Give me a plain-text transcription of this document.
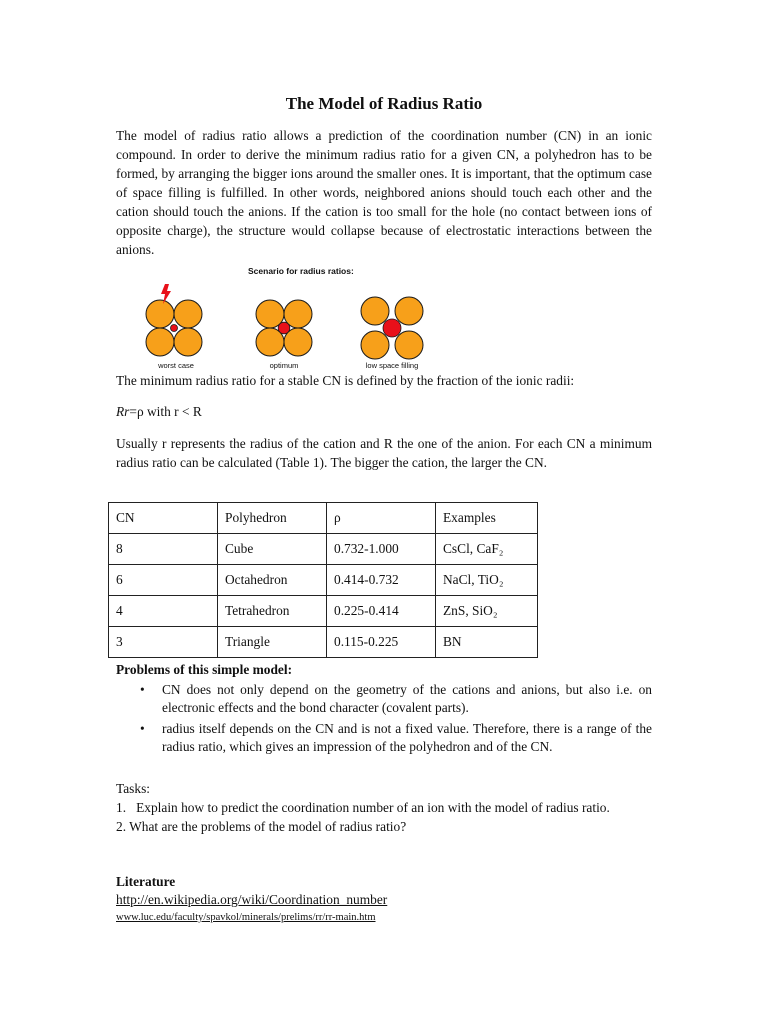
The Model of Radius Ratio

The model of radius ratio allows a prediction of the coordination number (CN) in an ionic compound. In order to derive the minimum radius ratio for a given CN, a polyhedron has to be formed, by arranging the bigger ions around the smaller ones. It is important, that the optimum case of space filling is fulfilled. In other words, neighbored anions should touch each other and the cation should touch the anions. If the cation is too small for the hole (no contact between ions of opposite charge), the structure would collapse because of electrostatic interactions between the anions.

Scenario for radius ratios:
worst case	optimum	low space filling

The minimum radius ratio for a stable CN is defined by the fraction of the ionic radii:

Rr=ρ with r < R

Usually r represents the radius of the cation and R the one of the anion. For each CN a minimum radius ratio can be calculated (Table 1). The bigger the cation, the larger the CN.

CN	Polyhedron	ρ	Examples
8	Cube	0.732-1.000	CsCl, CaF₂
6	Octahedron	0.414-0.732	NaCl, TiO₂
4	Tetrahedron	0.225-0.414	ZnS, SiO₂
3	Triangle	0.115-0.225	BN
Problems of this simple model:
• CN does not only depend on the geometry of the cations and anions, but also i.e. on electronic effects and the bond character (covalent parts).
• radius itself depends on the CN and is not a fixed value. Therefore, there is a range of the radius ratio, which gives an impression of the polyhedron and of the CN.
Tasks:
1.   Explain how to predict the coordination number of an ion with the model of radius ratio.
2. What are the problems of the model of radius ratio?
Literature
http://en.wikipedia.org/wiki/Coordination_number
www.luc.edu/faculty/spavkol/minerals/prelims/rr/rr-main.htm
